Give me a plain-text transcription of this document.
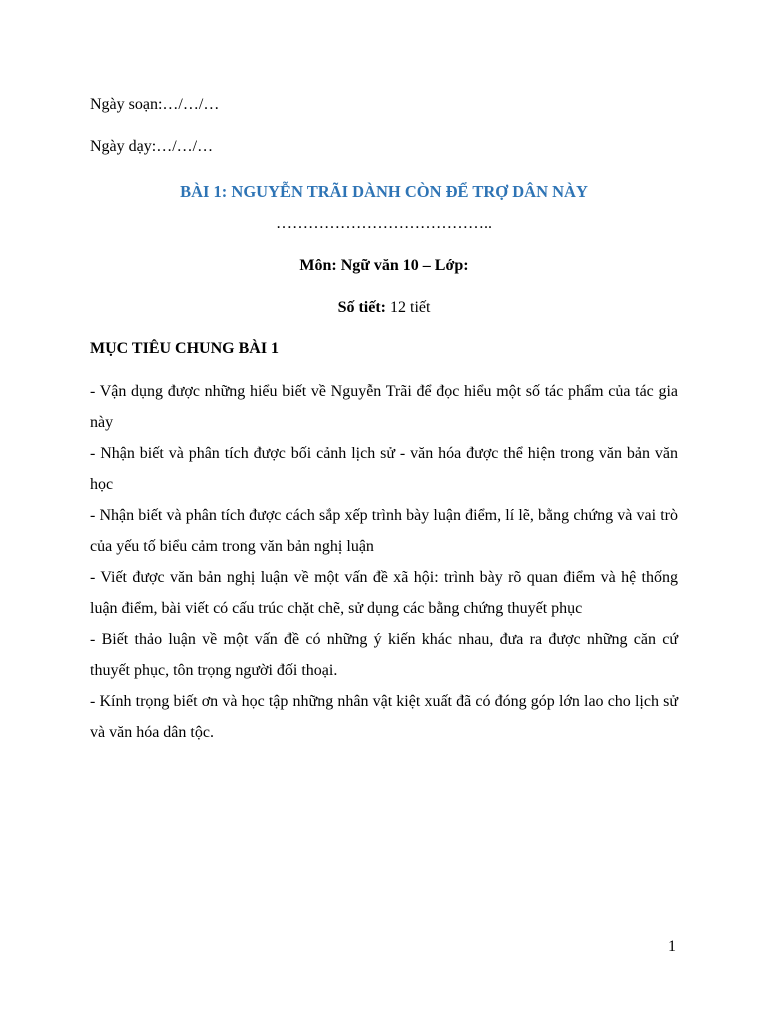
Ngày soạn:…/…/…
Ngày dạy:…/…/…
BÀI 1: NGUYỄN TRÃI DÀNH CÒN ĐỂ TRỢ DÂN NÀY
…………………………………..
Môn: Ngữ văn 10 – Lớp:
Số tiết: 12 tiết
MỤC TIÊU CHUNG BÀI 1

- Vận dụng được những hiểu biết về Nguyễn Trãi để đọc hiểu một số tác phẩm của tác gia này

- Nhận biết và phân tích được bối cảnh lịch sử - văn hóa được thể hiện trong văn bản văn học

- Nhận biết và phân tích được cách sắp xếp trình bày luận điểm, lí lẽ, bằng chứng và vai trò của yếu tố biểu cảm trong văn bản nghị luận

- Viết được văn bản nghị luận về một vấn đề xã hội: trình bày rõ quan điểm và hệ thống luận điểm, bài viết có cấu trúc chặt chẽ, sử dụng các bằng chứng thuyết phục

- Biết thảo luận về một vấn đề có những ý kiến khác nhau, đưa ra được những căn cứ thuyết phục, tôn trọng người đối thoại.

- Kính trọng biết ơn và học tập những nhân vật kiệt xuất đã có đóng góp lớn lao cho lịch sử và văn hóa dân tộc.

1
